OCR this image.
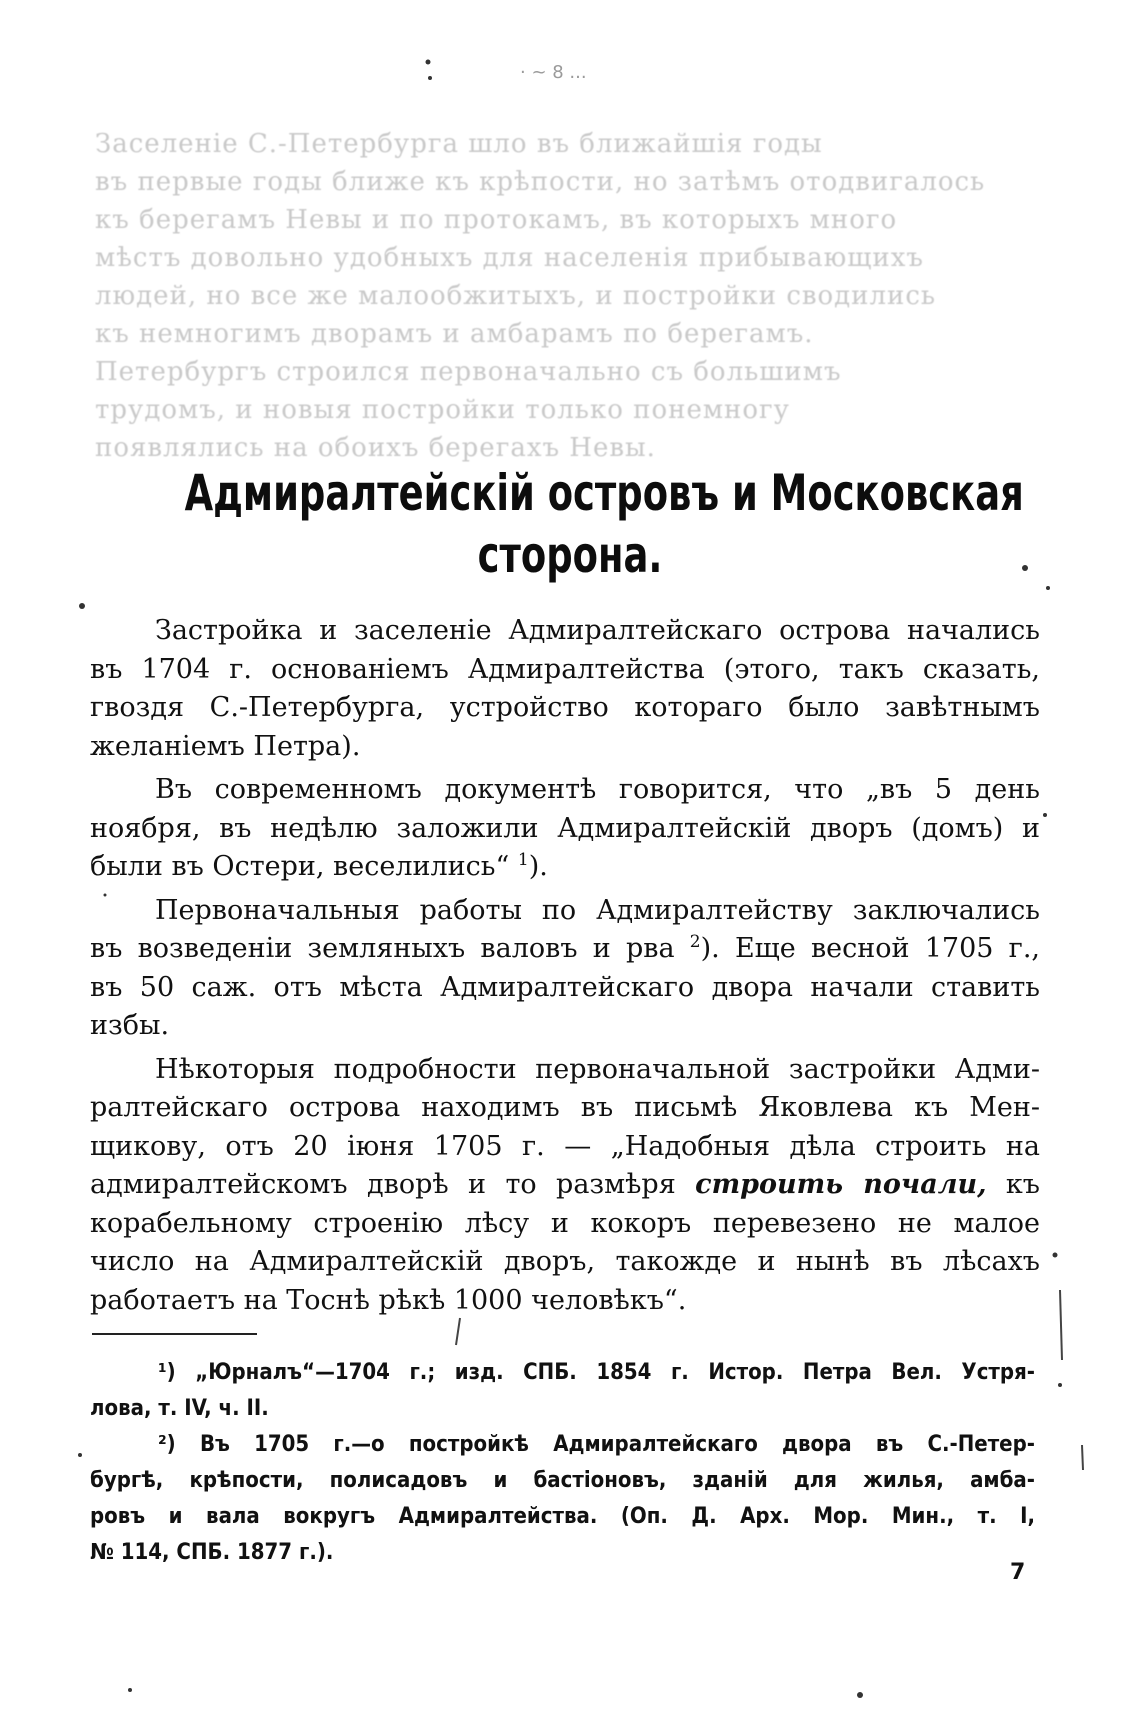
· ~ 8 ...
Заселеніе С.-Петербурга шло въ ближайшія годы
въ первые годы ближе къ крѣпости, но затѣмъ отодвигалось
къ берегамъ Невы и по протокамъ, въ которыхъ много
мѣстъ довольно удобныхъ для населенія прибывающихъ
людей, но все же малообжитыхъ, и постройки сводились
къ немногимъ дворамъ и амбарамъ по берегамъ.
Петербургъ строился первоначально съ большимъ
трудомъ, и новыя постройки только понемногу
появлялись на обоихъ берегахъ Невы.
Адмиралтейскій островъ и Московская
сторона.
Застройка и заселеніе Адмиралтейскаго острова начались
въ 1704 г. основаніемъ Адмиралтейства (этого, такъ сказать,
гвоздя С.-Петербурга, устройство котораго было завѣтнымъ
желаніемъ Петра).
Въ современномъ документѣ говорится, что „въ 5 день
ноября, въ недѣлю заложили Адмиралтейскій дворъ (домъ) и
были въ Остери, веселились“ $^1$).
Первоначальныя работы по Адмиралтейству заключались
въ возведеніи земляныхъ валовъ и рва $^2$). Еще весной 1705 г.,
въ 50 саж. отъ мѣста Адмиралтейскаго двора начали ставить
избы.
Нѣкоторыя подробности первоначальной застройки Адми-
ралтейскаго острова находимъ въ письмѣ Яковлева къ Мен-
щикову, отъ 20 іюня 1705 г. — „Надобныя дѣла строить на
адмиралтейскомъ дворѣ и то размѣря строить почали, къ
корабельному строенію лѣсу и кокоръ перевезено не малое
число на Адмиралтейскій дворъ, такожде и нынѣ въ лѣсахъ
работаетъ на Тоснѣ рѣкѣ 1000 человѣкъ“.
¹) „Юрналъ“—1704 г.; изд. СПБ. 1854 г. Истор. Петра Вел. Устря-
лова, т. IV, ч. II.
²) Въ 1705 г.—о постройкѣ Адмиралтейскаго двора въ С.-Петер-
бургѣ, крѣпости, полисадовъ и бастіоновъ, зданій для жилья, амба-
ровъ и вала вокругъ Адмиралтейства. (Оп. Д. Арх. Мор. Мин., т. I,
№ 114, СПБ. 1877 г.).
7
